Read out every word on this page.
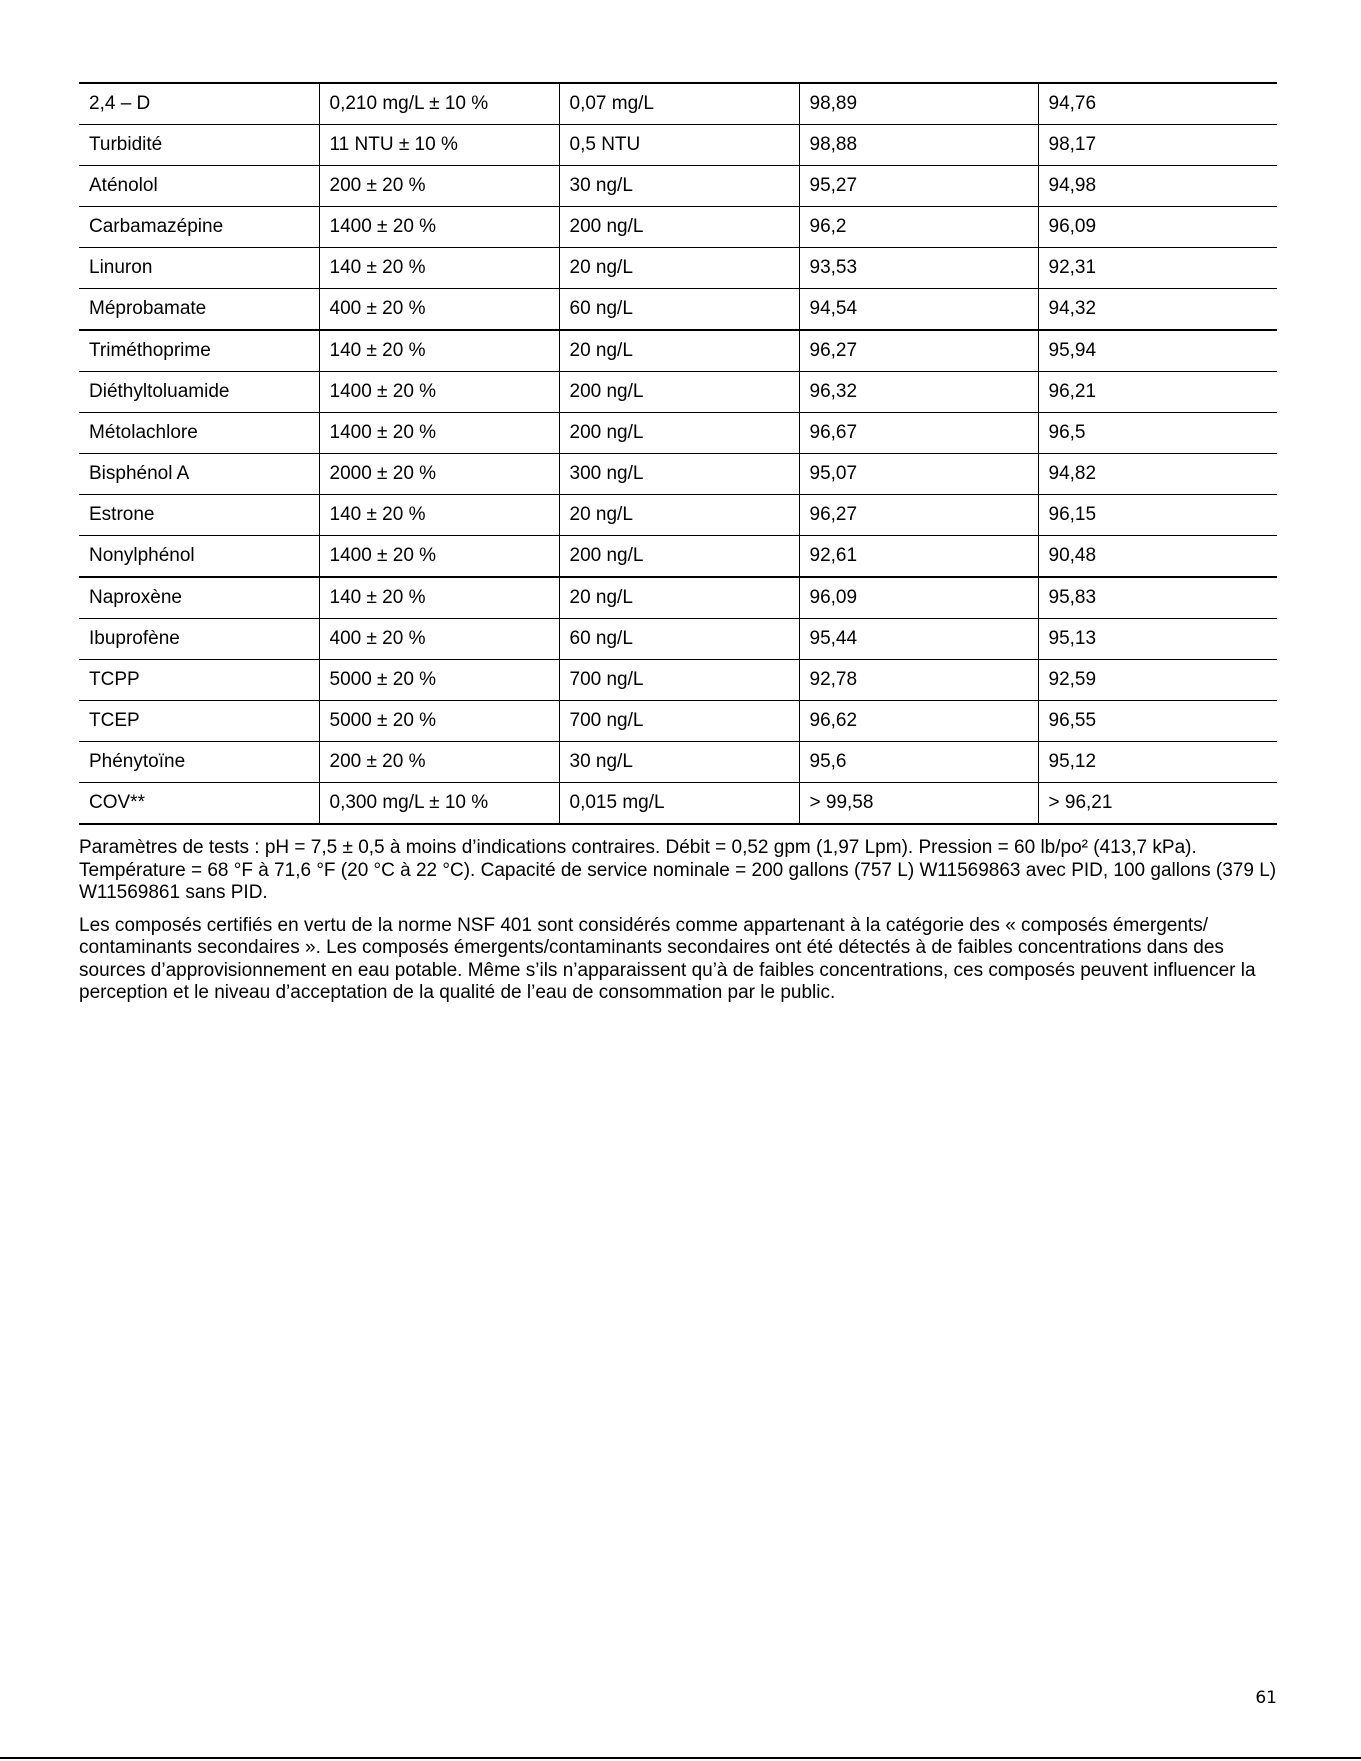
2,4 – D	0,210 mg/L ± 10 %	0,07 mg/L	98,89	94,76
Turbidité	11 NTU ± 10 %	0,5 NTU	98,88	98,17
Aténolol	200 ± 20 %	30 ng/L	95,27	94,98
Carbamazépine	1400 ± 20 %	200 ng/L	96,2	96,09
Linuron	140 ± 20 %	20 ng/L	93,53	92,31
Méprobamate	400 ± 20 %	60 ng/L	94,54	94,32
Triméthoprime	140 ± 20 %	20 ng/L	96,27	95,94
Diéthyltoluamide	1400 ± 20 %	200 ng/L	96,32	96,21
Métolachlore	1400 ± 20 %	200 ng/L	96,67	96,5
Bisphénol A	2000 ± 20 %	300 ng/L	95,07	94,82
Estrone	140 ± 20 %	20 ng/L	96,27	96,15
Nonylphénol	1400 ± 20 %	200 ng/L	92,61	90,48
Naproxène	140 ± 20 %	20 ng/L	96,09	95,83
Ibuprofène	400 ± 20 %	60 ng/L	95,44	95,13
TCPP	5000 ± 20 %	700 ng/L	92,78	92,59
TCEP	5000 ± 20 %	700 ng/L	96,62	96,55
Phénytoïne	200 ± 20 %	30 ng/L	95,6	95,12
COV**	0,300 mg/L ± 10 %	0,015 mg/L	> 99,58	> 96,21

Paramètres de tests : pH = 7,5 ± 0,5 à moins d’indications contraires. Débit = 0,52 gpm (1,97 Lpm). Pression = 60 lb/po² (413,7 kPa). Température = 68 °F à 71,6 °F (20 °C à 22 °C). Capacité de service nominale = 200 gallons (757 L) W11569863 avec PID, 100 gallons (379 L) W11569861 sans PID.

Les composés certifiés en vertu de la norme NSF 401 sont considérés comme appartenant à la catégorie des « composés émergents/ contaminants secondaires ». Les composés émergents/contaminants secondaires ont été détectés à de faibles concentrations dans des sources d’approvisionnement en eau potable. Même s’ils n’apparaissent qu’à de faibles concentrations, ces composés peuvent influencer la perception et le niveau d’acceptation de la qualité de l’eau de consommation par le public.

61
